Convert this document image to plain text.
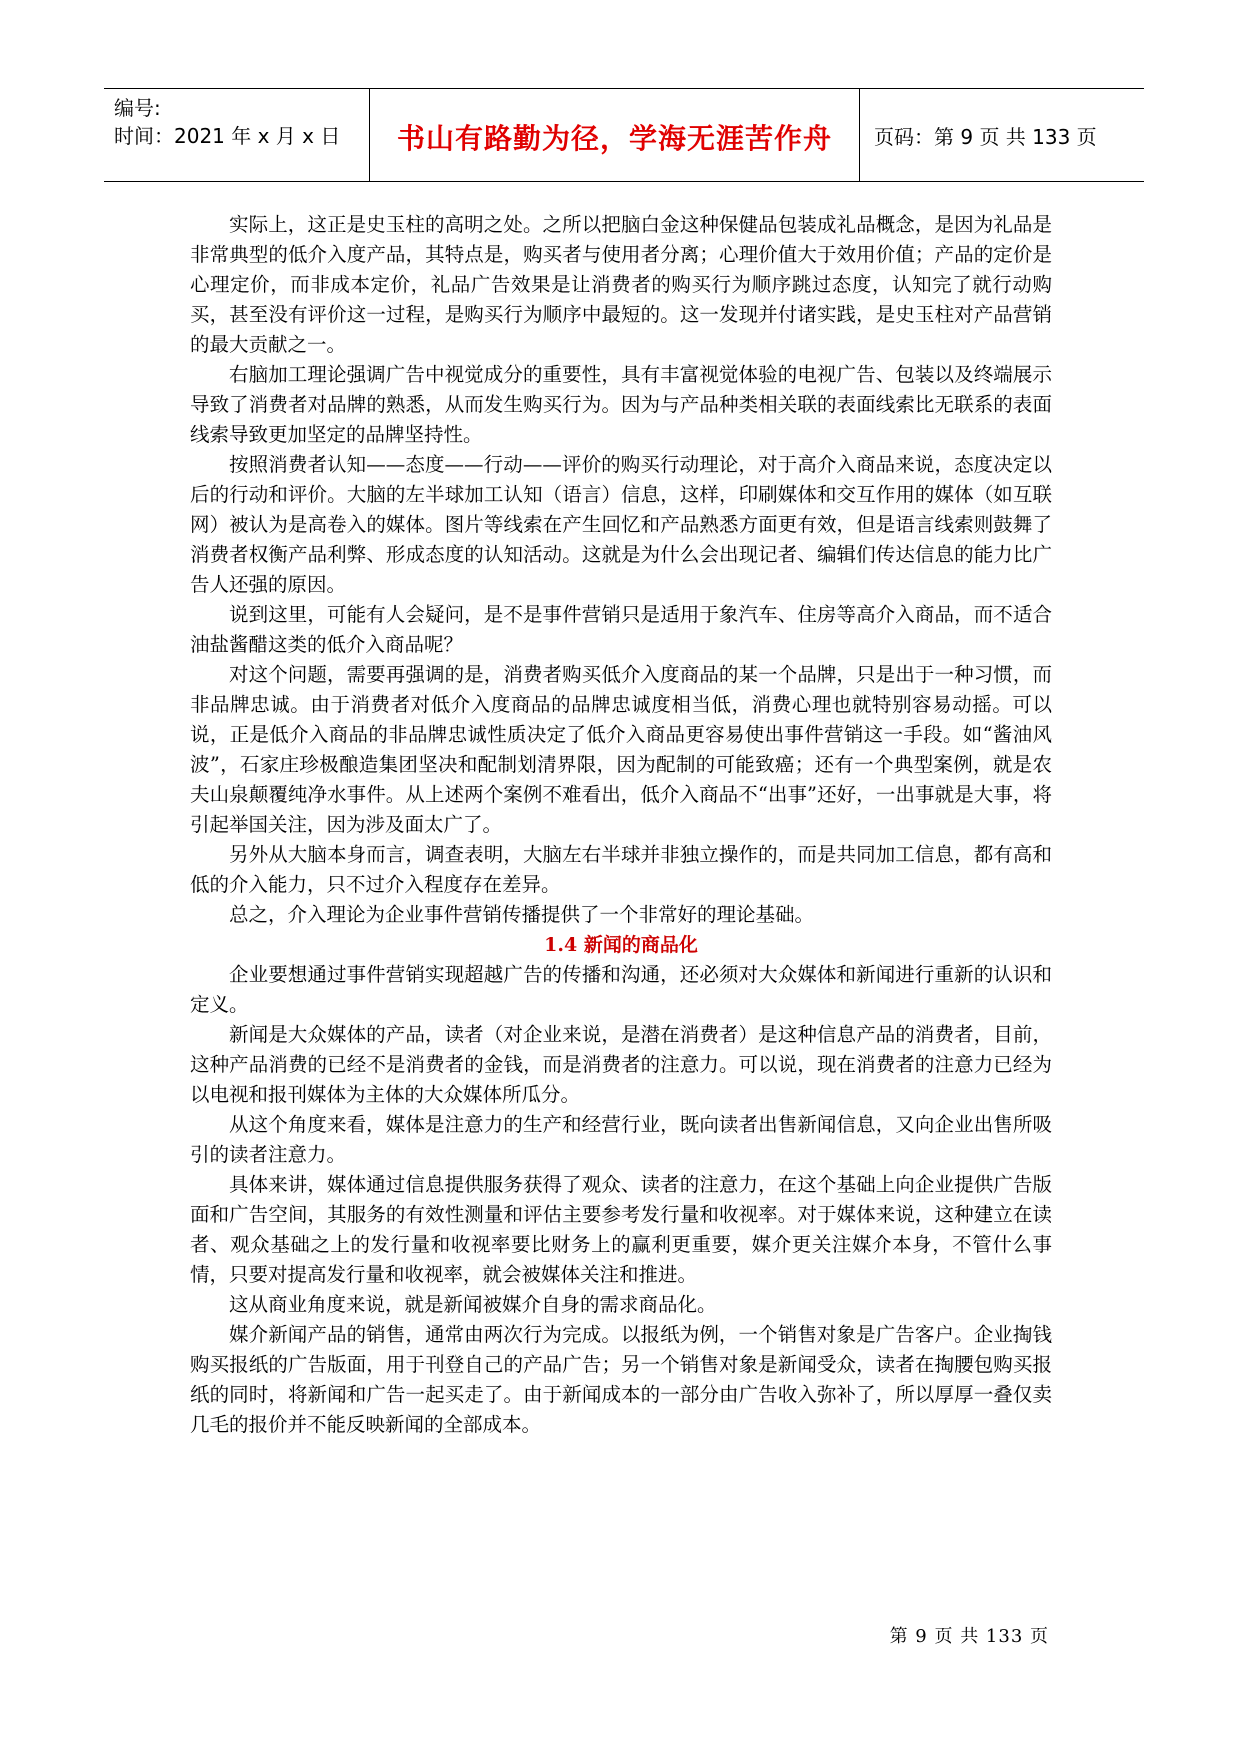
编号:
时间：2021 年 x 月 x 日	书山有路勤为径，学海无涯苦作舟 页码：第 9 页 共 133 页

实际上，这正是史玉柱的高明之处。之所以把脑白金这种保健品包装成礼品概念，是因为礼品是非常典型的低介入度产品，其特点是，购买者与使用者分离；心理价值大于效用价值；产品的定价是心理定价，而非成本定价，礼品广告效果是让消费者的购买行为顺序跳过态度，认知完了就行动购买，甚至没有评价这一过程，是购买行为顺序中最短的。这一发现并付诸实践，是史玉柱对产品营销的最大贡献之一。

右脑加工理论强调广告中视觉成分的重要性，具有丰富视觉体验的电视广告、包装以及终端展示导致了消费者对品牌的熟悉，从而发生购买行为。因为与产品种类相关联的表面线索比无联系的表面线索导致更加坚定的品牌坚持性。

按照消费者认知——态度——行动——评价的购买行动理论，对于高介入商品来说，态度决定以后的行动和评价。大脑的左半球加工认知（语言）信息，这样，印刷媒体和交互作用的媒体（如互联网）被认为是高卷入的媒体。图片等线索在产生回忆和产品熟悉方面更有效，但是语言线索则鼓舞了消费者权衡产品利弊、形成态度的认知活动。这就是为什么会出现记者、编辑们传达信息的能力比广告人还强的原因。

说到这里，可能有人会疑问，是不是事件营销只是适用于象汽车、住房等高介入商品，而不适合油盐酱醋这类的低介入商品呢？

对这个问题，需要再强调的是，消费者购买低介入度商品的某一个品牌，只是出于一种习惯，而非品牌忠诚。由于消费者对低介入度商品的品牌忠诚度相当低，消费心理也就特别容易动摇。可以说，正是低介入商品的非品牌忠诚性质决定了低介入商品更容易使出事件营销这一手段。如“酱油风波”，石家庄珍极酿造集团坚决和配制划清界限，因为配制的可能致癌；还有一个典型案例，就是农夫山泉颠覆纯净水事件。从上述两个案例不难看出，低介入商品不“出事”还好，一出事就是大事，将引起举国关注，因为涉及面太广了。

另外从大脑本身而言，调查表明，大脑左右半球并非独立操作的，而是共同加工信息，都有高和低的介入能力，只不过介入程度存在差异。

总之，介入理论为企业事件营销传播提供了一个非常好的理论基础。

1.4 新闻的商品化

企业要想通过事件营销实现超越广告的传播和沟通，还必须对大众媒体和新闻进行重新的认识和定义。

新闻是大众媒体的产品，读者（对企业来说，是潜在消费者）是这种信息产品的消费者，目前，这种产品消费的已经不是消费者的金钱，而是消费者的注意力。可以说，现在消费者的注意力已经为以电视和报刊媒体为主体的大众媒体所瓜分。

从这个角度来看，媒体是注意力的生产和经营行业，既向读者出售新闻信息，又向企业出售所吸引的读者注意力。

具体来讲，媒体通过信息提供服务获得了观众、读者的注意力，在这个基础上向企业提供广告版面和广告空间，其服务的有效性测量和评估主要参考发行量和收视率。对于媒体来说，这种建立在读者、观众基础之上的发行量和收视率要比财务上的赢利更重要，媒介更关注媒介本身，不管什么事情，只要对提高发行量和收视率，就会被媒体关注和推进。

这从商业角度来说，就是新闻被媒介自身的需求商品化。

媒介新闻产品的销售，通常由两次行为完成。以报纸为例，一个销售对象是广告客户。企业掏钱购买报纸的广告版面，用于刊登自己的产品广告；另一个销售对象是新闻受众，读者在掏腰包购买报纸的同时，将新闻和广告一起买走了。由于新闻成本的一部分由广告收入弥补了，所以厚厚一叠仅卖几毛的报价并不能反映新闻的全部成本。

第 9 页 共 133 页
